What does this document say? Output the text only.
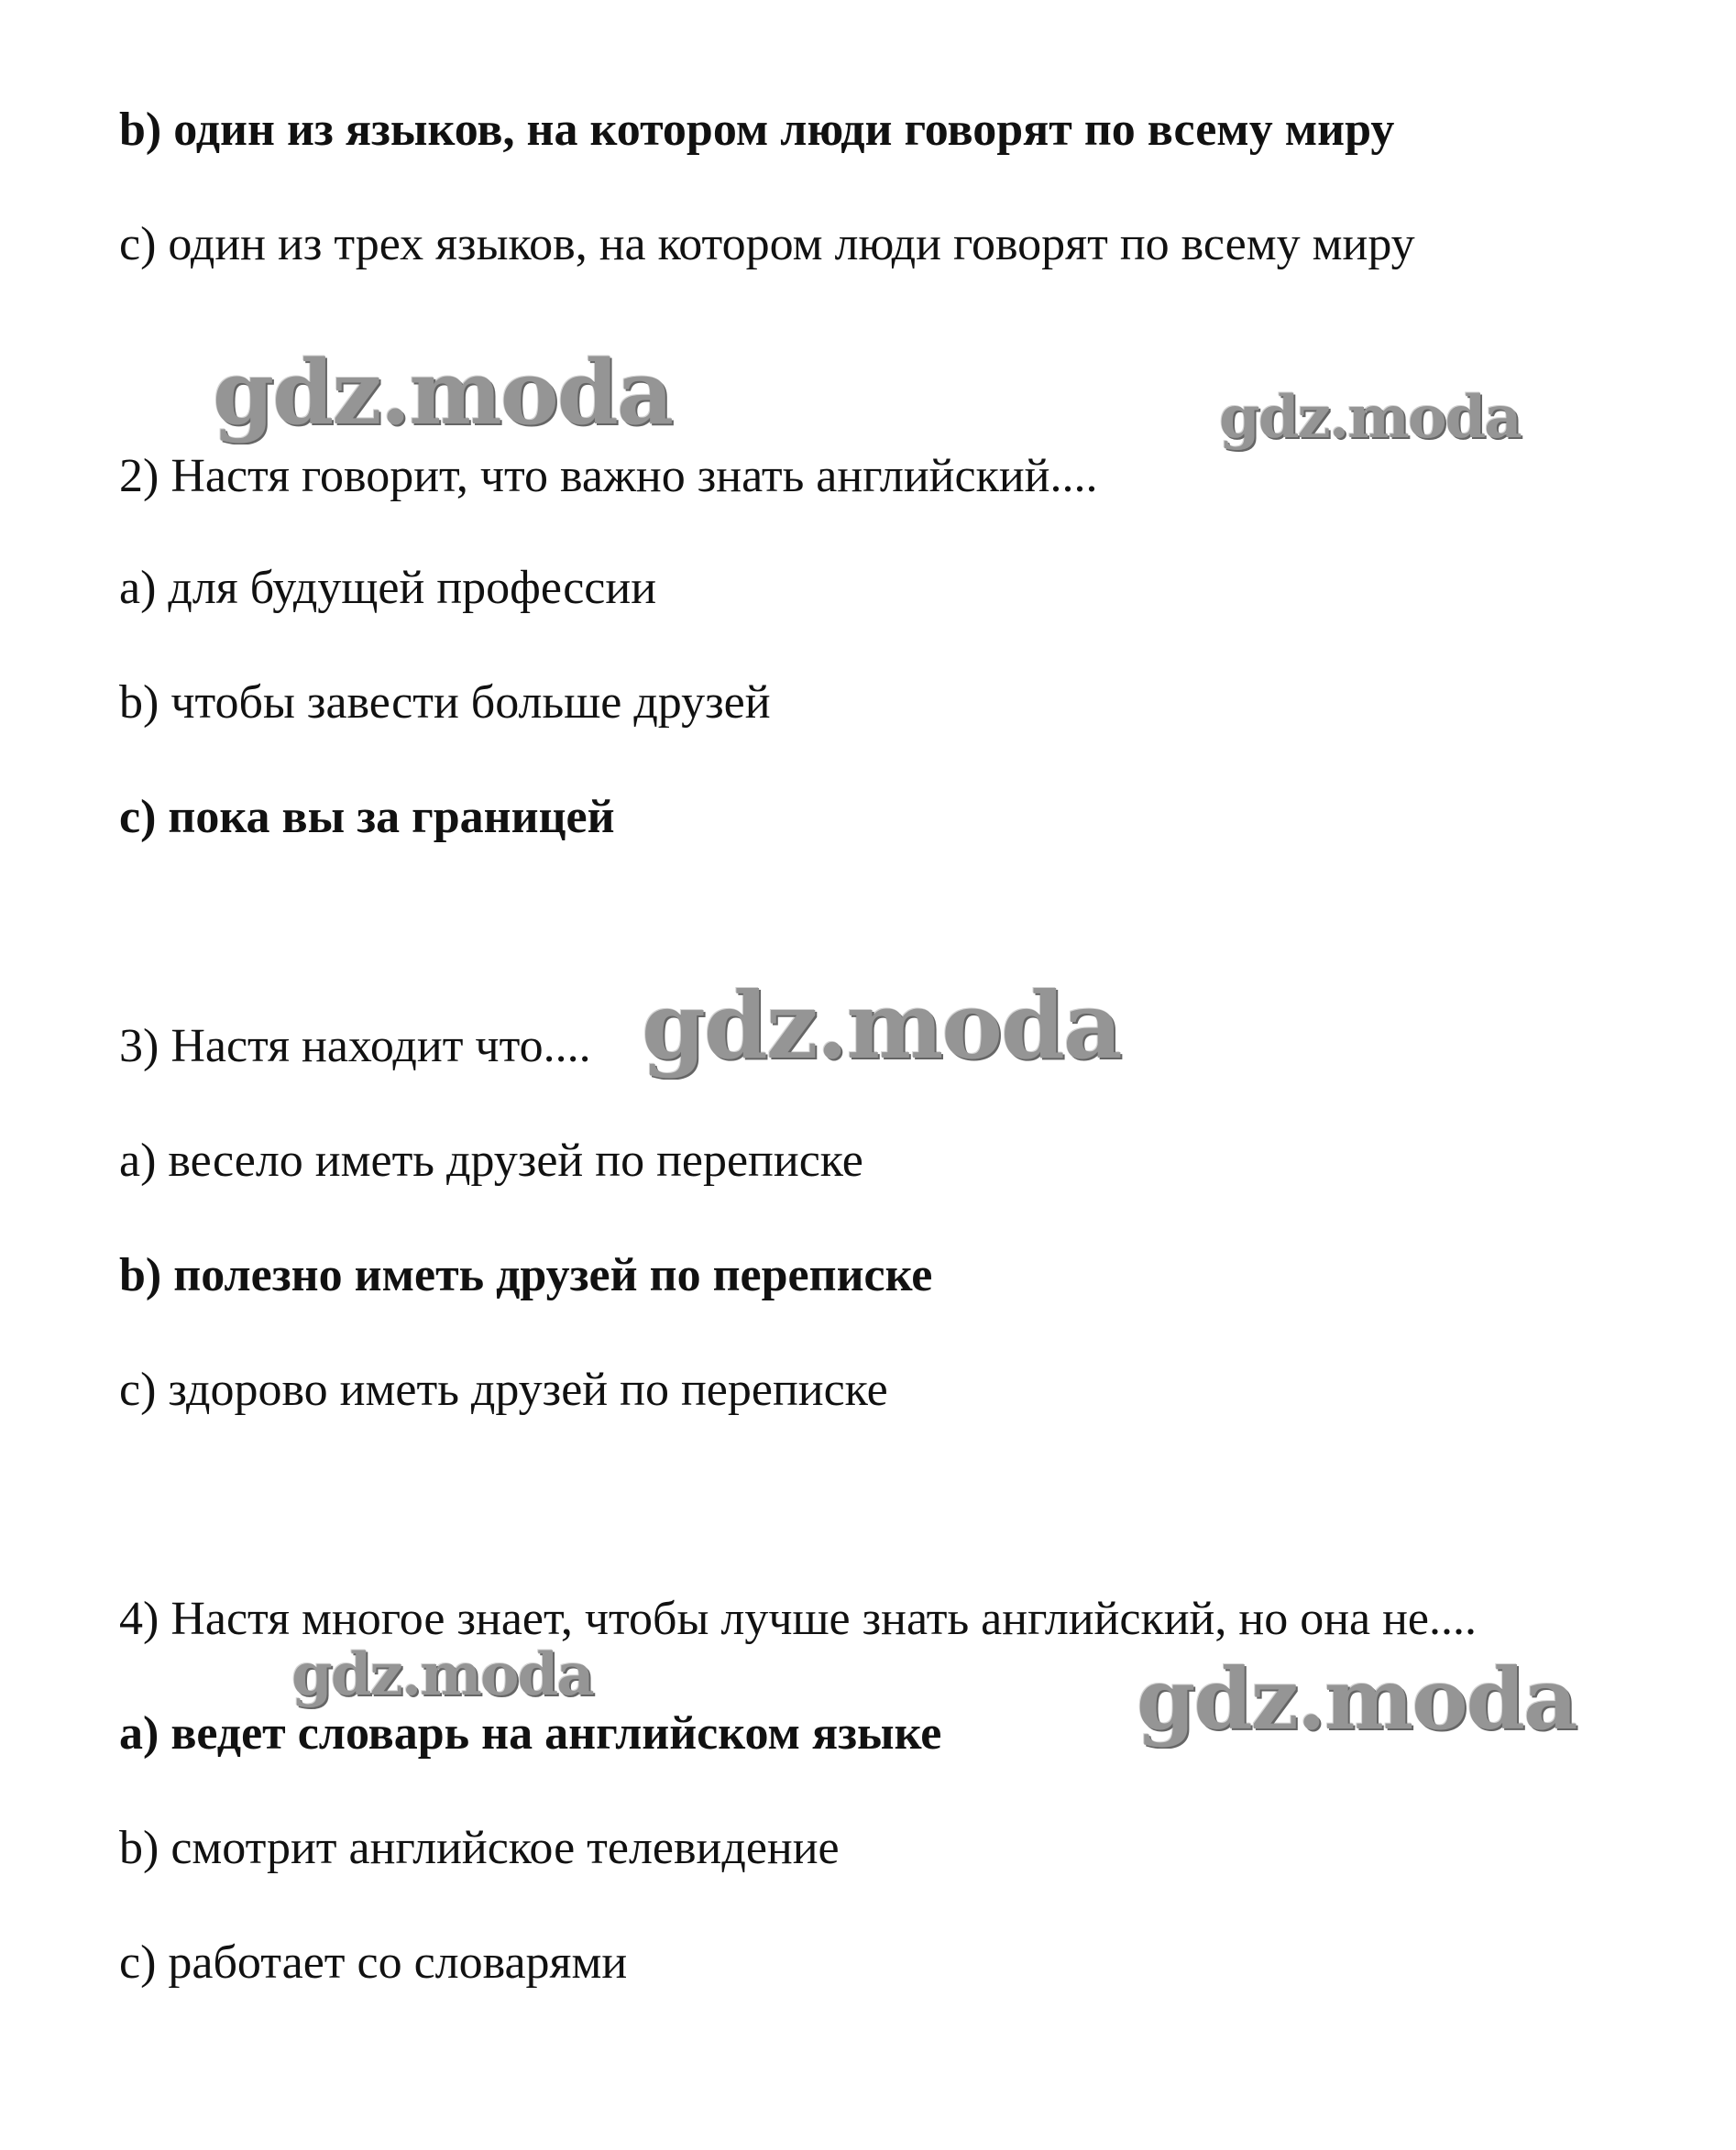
b) один из языков, на котором люди говорят по всему миру

c) один из трех языков, на котором люди говорят по всему миру

2) Настя говорит, что важно знать английский....

a) для будущей профессии

b) чтобы завести больше друзей

c) пока вы за границей

3) Настя находит что....

a) весело иметь друзей по переписке

b) полезно иметь друзей по переписке

c) здорово иметь друзей по переписке

4) Настя многое знает, чтобы лучше знать английский, но она не....

a) ведет словарь на английском языке

b) смотрит английское телевидение

c) работает со словарями

gdz.moda	gdz.moda
gdz.moda
gdz.moda	gdz.moda
